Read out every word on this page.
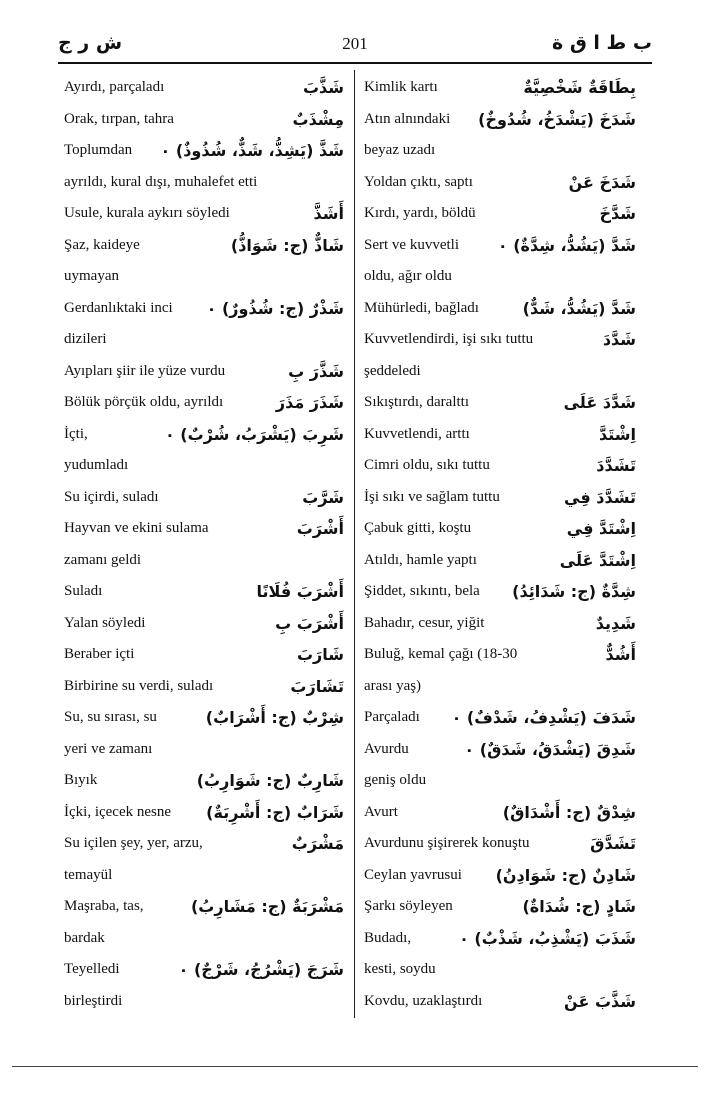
ش ر ج	201	ب ط ا ق ة
Ayırdı, parçaladı	شَذَّبَ
Orak, tırpan, tahra	مِشْذَبٌ
Toplumdan شَذَّ (يَشِذُّ، شَذٌّ، شُذُوذٌ) ۰
ayrıldı, kural dışı, muhalefet etti
Usule, kurala aykırı söyledi	أَشَذَّ
Şaz, kaideye	شَاذٌّ (ج: شَوَاذُّ)
uymayan
Gerdanlıktaki inci شَذْرٌ (ج: شُذُورٌ) ۰
dizileri
Ayıpları şiir ile yüze vurdu	شَذَّرَ بِ
Bölük pörçük oldu, ayrıldı	شَذَرَ مَذَرَ
İçti,	شَرِبَ (يَشْرَبُ، شُرْبٌ) ۰
yudumladı
Su içirdi, suladı	شَرَّبَ
Hayvan ve ekini sulama	أَشْرَبَ
zamanı geldi
Suladı	أَشْرَبَ فُلَانًا
Yalan söyledi	أَشْرَبَ بِ
Beraber içti	شَارَبَ
Birbirine su verdi, suladı	تَشَارَبَ
Su, su sırası, su	شِرْبٌ (ج: أَشْرَابٌ)
yeri ve zamanı
Bıyık	شَارِبٌ (ج: شَوَارِبُ)
İçki, içecek nesne شَرَابٌ (ج: أَشْرِبَةٌ)
Su içilen şey, yer, arzu,	مَشْرَبٌ
temayül
Maşraba, tas,	مَشْرَبَةٌ (ج: مَشَارِبُ)
bardak
Teyelledi	شَرَجَ (يَشْرُجُ، شَرْجٌ) ۰
birleştirdi
Kimlik kartı	بِطَاقَةٌ شَخْصِيَّةٌ
Atın alnındaki شَدَخَ (يَشْدَخُ، شُدُوخٌ)
beyaz uzadı
Yoldan çıktı, saptı	شَدَخَ عَنْ
Kırdı, yardı, böldü	شَدَّخَ
Sert ve kuvvetli شَدَّ (يَشُدُّ، شِدَّةٌ) ۰
oldu, ağır oldu
Mühürledi, bağladı	شَدَّ (يَشُدُّ، شَدٌّ)
Kuvvetlendirdi, işi sıkı tuttu	شَدَّدَ
şeddeledi
Sıkıştırdı, daralttı	شَدَّدَ عَلَى
Kuvvetlendi, arttı	اِشْتَدَّ
Cimri oldu, sıkı tuttu	تَشَدَّدَ
İşi sıkı ve sağlam tuttu	تَشَدَّدَ فِي
Çabuk gitti, koştu	اِشْتَدَّ فِي
Atıldı, hamle yaptı	اِشْتَدَّ عَلَى
Şiddet, sıkıntı, bela شِدَّةٌ (ج: شَدَائِدُ)
Bahadır, cesur, yiğit	شَدِيدٌ
Buluğ, kemal çağı (18-30	أَشُدٌّ
arası yaş)
Parçaladı شَدَفَ (يَشْدِفُ، شَدْفٌ) ۰
Avurdu	شَدِقَ (يَشْدَقُ، شَدَقٌ) ۰
geniş oldu
Avurt	شِدْقٌ (ج: أَشْدَاقٌ)
Avurdunu şişirerek konuştu	تَشَدَّقَ
Ceylan yavrusui شَادِنٌ (ج: شَوَادِنُ)
Şarkı söyleyen	شَادٍ (ج: شُدَاةٌ)
Budadı,	شَذَبَ (يَشْذِبُ، شَذْبٌ) ۰
kesti, soydu
Kovdu, uzaklaştırdı	شَذَّبَ عَنْ
